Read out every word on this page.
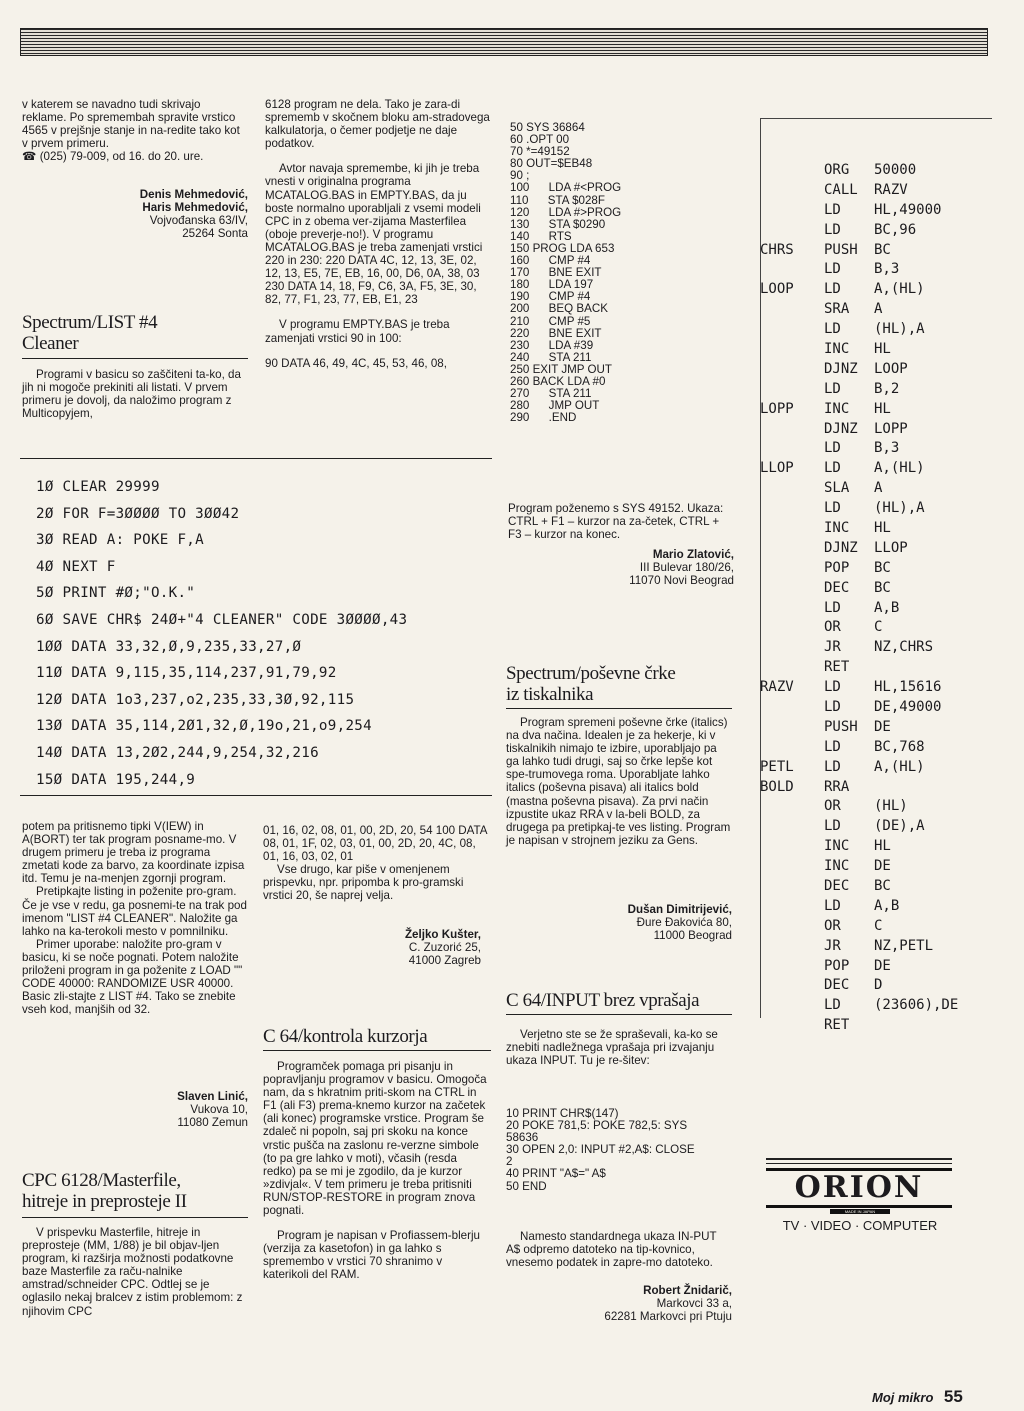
v katerem se navadno tudi skrivajo reklame. Po spremembah spravite vrstico 4565 v prejšnje stanje in na-redite tako kot v prvem primeru.

☎ (025) 79-009, od 16. do 20. ure.

Denis Mehmedović,
Haris Mehmedović,
Vojvođanska 63/IV,
25264 Sonta
Spectrum/LIST #4
Cleaner
Programi v basicu so zaščiteni ta-ko, da jih ni mogoče prekiniti ali listati. V prvem primeru je dovolj, da naložimo program z Multicopyjem,

6128 program ne dela. Tako je zara-di sprememb v skočnem bloku am-stradovega kalkulatorja, o čemer podjetje ne daje podatkov.

Avtor navaja spremembe, ki jih je treba vnesti v originalna programa MCATALOG.BAS in EMPTY.BAS, da ju boste normalno uporabljali z vsemi modeli CPC in z obema ver-zijama Masterfilea (oboje preverje-no!). V programu MCATALOG.BAS je treba zamenjati vrstici 220 in 230: 220 DATA 4C, 12, 13, 3E, 02, 12, 13, E5, 7E, EB, 16, 00, D6, 0A, 38, 03 230 DATA 14, 18, F9, C6, 3A, F5, 3E, 30, 82, 77, F1, 23, 77, EB, E1, 23

V programu EMPTY.BAS je treba zamenjati vrstici 90 in 100:

90 DATA 46, 49, 4C, 45, 53, 46, 08,

50 SYS 36864
60 .OPT 00
70 *=49152
80 OUT=$EB48
90 ;
100      LDA #<PROG
110      STA $028F
120      LDA #>PROG
130      STA $0290
140      RTS
150 PROG LDA 653
160      CMP #4
170      BNE EXIT
180      LDA 197
190      CMP #4
200      BEQ BACK
210      CMP #5
220      BNE EXIT
230      LDA #39
240      STA 211
250 EXIT JMP OUT
260 BACK LDA #0
270      STA 211
280      JMP OUT
290      .END
1Ø CLEAR 29999
2Ø FOR F=3ØØØØ TO 3ØØ42
3Ø READ A: POKE F,A
4Ø NEXT F
5Ø PRINT #Ø;"O.K."
6Ø SAVE CHR$ 24Ø+"4 CLEANER" CODE 3ØØØØ,43
1ØØ DATA 33,32,Ø,9,235,33,27,Ø
11Ø DATA 9,115,35,114,237,91,79,92
12Ø DATA 1o3,237,o2,235,33,3Ø,92,115
13Ø DATA 35,114,2Ø1,32,Ø,19o,21,o9,254
14Ø DATA 13,2Ø2,244,9,254,32,216
15Ø DATA 195,244,9
Program poženemo s SYS 49152. Ukaza: CTRL + F1 – kurzor na za-četek, CTRL + F3 – kurzor na konec.
Mario Zlatović,
III Bulevar 180/26,
11070 Novi Beograd
Spectrum/poševne črke
iz tiskalnika
Program spremeni poševne črke (italics) na dva načina. Idealen je za hekerje, ki v tiskalnikih nimajo te izbire, uporabljajo pa ga lahko tudi drugi, saj so črke lepše kot spe-trumovega roma. Uporabljate lahko italics (poševna pisava) ali italics bold (mastna poševna pisava). Za prvi način izpustite ukaz RRA v la-beli BOLD, za drugega pa pretipkaj-te ves listing. Program je napisan v strojnem jeziku za Gens.
Dušan Dimitrijević,
Đure Đakovića 80,
11000 Beograd
C 64/INPUT brez vprašaja
Verjetno ste se že spraševali, ka-ko se znebiti nadležnega vprašaja pri izvajanju ukaza INPUT. Tu je re-šitev:
10 PRINT CHR$(147)
20 POKE 781,5: POKE 782,5: SYS
58636
30 OPEN 2,0: INPUT #2,A$: CLOSE
2
40 PRINT "A$=" A$
50 END
Namesto standardnega ukaza IN-PUT A$ odpremo datoteko na tip-kovnico, vnesemo podatek in zapre-mo datoteko.
Robert Žnidarič,
Markovci 33 a,
62281 Markovci pri Ptuju

potem pa pritisnemo tipki V(IEW) in A(BORT) ter tak program posname-mo. V drugem primeru je treba iz programa zmetati kode za barvo, za koordinate izpisa itd. Temu je na-menjen zgornji program.

Pretipkajte listing in poženite pro-gram. Če je vse v redu, ga posnemi-te na trak pod imenom "LIST #4 CLEANER". Naložite ga lahko na ka-terokoli mesto v pomnilniku.

Primer uporabe: naložite pro-gram v basicu, ki se noče pognati. Potem naložite priloženi program in ga poženite z LOAD "" CODE 40000: RANDOMIZE USR 40000. Basic zli-stajte z LIST #4. Tako se znebite vseh kod, manjših od 32.

Slaven Linić,
Vukova 10,
11080 Zemun
CPC 6128/Masterfile,
hitreje in preprosteje II
V prispevku Masterfile, hitreje in preprosteje (MM, 1/88) je bil objav-ljen program, ki razširja možnosti podatkovne baze Masterfile za raču-nalnike amstrad/schneider CPC. Odtlej se je oglasilo nekaj bralcev z istim problemom: z njihovim CPC

01, 16, 02, 08, 01, 00, 2D, 20, 54 100 DATA 08, 01, 1F, 02, 03, 01, 00, 2D, 20, 4C, 08, 01, 16, 03, 02, 01

Vse drugo, kar piše v omenjenem prispevku, npr. pripomba k pro-gramski vrstici 20, še naprej velja.

Željko Kušter,
C. Zuzorić 25,
41000 Zagreb
C 64/kontrola kurzorja

Programček pomaga pri pisanju in popravljanju programov v basicu. Omogoča nam, da s hkratnim priti-skom na CTRL in F1 (ali F3) prema-knemo kurzor na začetek (ali konec) programske vrstice. Program še zdaleč ni popoln, saj pri skoku na konce vrstic pušča na zaslonu re-verzne simbole (to pa gre lahko v moti), včasih (resda redko) pa se mi je zgodilo, da je kurzor »zdivjal«. V tem primeru je treba pritisniti RUN/STOP-RESTORE in program znova pognati.

Program je napisan v Profiassem-blerju (verzija za kasetofon) in ga lahko s spremembo v vrstici 70 shranimo v katerikoli del RAM.

	ORG	50000
	CALL	RAZV
	LD	HL,49000
	LD	BC,96
CHRS	PUSH	BC
	LD	B,3
LOOP	LD	A,(HL)
	SRA	A
	LD	(HL),A
	INC	HL
	DJNZ	LOOP
	LD	B,2
LOPP	INC	HL
	DJNZ	LOPP
	LD	B,3
LLOP	LD	A,(HL)
	SLA	A
	LD	(HL),A
	INC	HL
	DJNZ	LLOP
	POP	BC
	DEC	BC
	LD	A,B
	OR	C
	JR	NZ,CHRS
	RET	
RAZV	LD	HL,15616
	LD	DE,49000
	PUSH	DE
	LD	BC,768
PETL	LD	A,(HL)
BOLD	RRA	
	OR	(HL)
	LD	(DE),A
	INC	HL
	INC	DE
	DEC	BC
	LD	A,B
	OR	C
	JR	NZ,PETL
	POP	DE
	DEC	D
	LD	(23606),DE
	RET	
ORION
MADE IN JAPAN
TV · VIDEO · COMPUTER
Moj mikro 55
